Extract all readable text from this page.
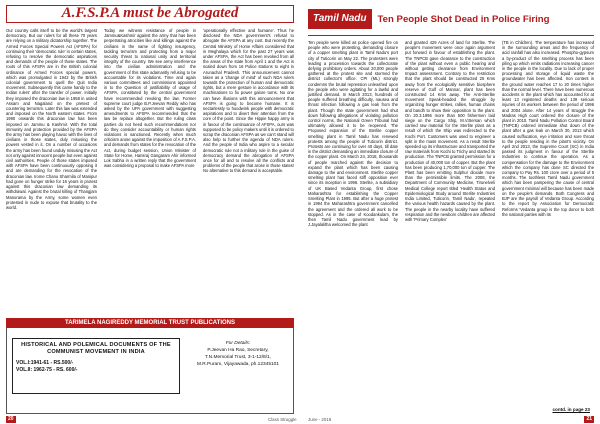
A.F.S.P.A must be Abrogated

Our country calls itself to be the world's largest democracy. But our rulers for all these 70 years are relying on a military dictatorship together. The Armed Forces Special Powers Act (AFSPA) for continuing their 'democratic rule' in certain states, refusing to resolve the democratic aspirations and demands of the people of those states. The roots of this AFSPA are in the British colonial ordinance of Armed Forces special powers, which was promulgated in 1942 by the British colonial government to quell the Quit India movement. Subsequently this came handy to the Indian rulers' after the transfer of power. Initially they imposed the draconian law in 1958 in united Assam and Nagaland on the pretext of countering terrorism. Later this law was extended and imposed on the North eastern states. From 1990 onwards this draconian law has been imposed on Jammu & Kashmir. With the total immunity and protection provided by the AFSPA the army has been playing havoc with the lives of civilians in those states, duly misusing the powers vested in it. On a number of occasions the army has been found unduly misusing the Act not only against innocent people but even against civil authorities. People of those states imposed with AFSPA have been continuously opposing it and are demanding for the revocation of the draconian law. Irome Chanu Sharmila of Manipur had gone on hunger strike for 16 years in protest against this draconian law demanding its withdrawal. Against the brutal killing of Thangjam Manorama by the Army, some women even protested in nude to expose that brutality to the world.

Today we witness resistance of people in Jammu&Kashmir against the army that has been perpetrating atrocities like and killings against the civilians in the name of fighting insurgency, tackling terrorism and protecting from a major security threat to national unity and territorial integrity of the country. We see army interference into the civilian administration and the government of this state adamantly refusing to be accountable for its violations. Time and again various committees and commissions appointed in to the Question of justifiability of usage of AFSPA, constituted by the central government have recommended revoking the law. Former supreme court judge B.P.Jeevan Reddy who has asked by the UPA government with suggesting amendments to AFSPA recommended that the law be replace altogether. But the ruling class parties do not heed such recommendations nor do they consider accountability or human rights violations is sanctioned. Recently when much criticism arose against the imposition of A.F.S.P.A. and demands from states for the revocation of the Act, during budget session, Union Minister of State for Home, Hansraj Gangaram Ahir informed Lok Sabha in a written reply that the government was considering a proposal to make AFSPA more

'operationally effective and humane'. Thus he disclosed the NDA government's refusal to abrogate the AFSPA at any cost. But recently the Central Ministry of Home Affairs considered that in Meghalaya which for the past 27 years was under AFSPA, the Act has been revoked from all the areas of the state from April 1 and the Act is scaled down from 16 Police stations to eight in Arunachal Pradesh. This announcement cannot taken as a 'change of mind' of such NDA rulers towards the protection of human and democratic rights, but a mere gesture in accordance with its machinations to fix power galore turns. No one can have illusions with this announcement that AFSPA is going to become humane. It is nectarlessly to hoodwink people with democratic aspirations and to divert their attention from the core of the point. Since the Hippie happy army is in favour of the continuance of AFSPA, ours was supposed to be policy makers until it is ordered to scrap the draconian AFSPA as we can't stand will also help to further the agenda of NDA rulers. And the people of India who aspire to a secular democratic rule not a military rule in the guise of democracy demand the abrogation of AFSPA once for all and to resolve all the conflicts and problems of the people that arose in those states! No alternative to this demand is acceptable.

TARIMELA NAGIREDDY MEMORIAL TRUST PUBLICATIONS
HISTORICAL AND POLEMICAL DOCUMENTS OF THE COMMUNIST MOVEMENT IN INDIA
VOL.I:1941-61 - RS.500/-
VOL.II: 1962-75 - RS. 600/-
For Details:
P.Jeevan Ha Rao, Secretary,
T.N.Memorial Trust, 3-1-12/8/1,
M.R.Puram, Vijayawada, ph.12345101
Tamil Nadu	Ten People Shot Dead in Police Firing

Ten people were killed as police opened fire on people who were protesting, demanding closure of a copper smelting plant in Tamil Nadu's port city of Tuticorin on May 22. The protesters were leading a procession towards the collectorate defying prohibitory orders. About 20,000 people gathered at the protest site and stormed the district collector's office. CPI (ML) strongly condemns the brutal repression unleashed upon the people who were agitating for a lawful and justified demand. In March 2013, hundreds of people suffered breathing difficulty, nausea and throat infection following a gas leak from the plant. Though the state government had shut down following allegations of violating pollution control norms, the National Green Tribunal had ultimately allowed it to be reopened. The Proposed expansion of the Sterlite copper smelting plant in Tamil Nadu has renewed protests among the people of Tuticorin district. Protests are continuing for over 40 days, till date in the district demanding an immediate closure of the copper plant. On March 24, 2018, thousands of people marched against the decision to expand the plant which has been causing damage to the and environment. Sterlite copper smelting plant has faced stiff opposition ever since its inception in 1996. Sterlite, a subsidiary of UK Based Vedanta Group, first chose Maharashtra for establishing the Copper Smelting Plant in 1995. But after a huge protest in 1994 the Maharashtra government cancelled the agreement and the ordered all work to be stopped. As in the case of Koodankulam, the then Tamil Nadu government lead by J.Jayalalitha welcomed the plant

and granted 429 Acres of land for Sterlite. The people's movement were once again argument put forward in favour of establishing the plant. The TNPCB gave clearance to the construction of the plant without even a public hearing and without getting clearance from Environment Impact assessment. Contrary to the restriction that the plant should be constructed 25 Kms away from the ecologically sensitive biosphere reserve of Gulf of Mannar, plant has been constructed 14 Kms away. The Anti-Sterlite movement Speak-headed the struggle by organizing hunger strikes, rallies, human chains and bandh to show their opposition to the plant. On 20.3.1996 more than 500 fishermen laid siege on the Cargo Ship, M.V.Bersan which carried raw material for the Sterlite plant as a result of which the Ship was redirected to the Kochi Port. Customers was used to engineer a split in the mass movement. As a result Sterlite speeded up its infrastructure and transported the raw materials from Kochi to Trichy and started its production. The TNPCB granted permission for a production of 40,000 ton of copper. But the plant has been producing 1,70,000 ton of copper. The Plant has been emitting Sulphur dioxide more than the permissible limits. The 2008, the Department of Community Medicine, Tirunelveli Medical College report titled 'Health Status and Epidemiological Study around Sterlite Industries India Limited, Tuticorin, Tamil Nadu', repeated the various health hazards caused by the plant. The people in the nearby locality have suffered respiration and the newborn children are affected with 'Primary Complex'

(TB in Children). The temperature has increased in the surrounding areas and the frequency of acid rainfall has also increased. Phospho-gypsum a by-product of the smelting process has been piling up which emits radiations increasing cancer in the people in the locality. Due to lack of proper processing and storage of liquid waste the groundwater has been affected. Iron content in the ground water reaches 17 to 20 times higher than the normal level. There have been numerous accidents in the plant which has accounted for at least 13 registered deaths and 139 serious injuries of its workers between the period of 1996 and 2004 alone. After 14 years of struggle the Madras High court ordered the closure of the plant in 2010. Tamil Nadu Pollution Control Board (TNPCB) ordered immediate shut down of the plant after a gas leak on March 30, 2013 which caused suffocation, eye irritation and sore throat to the people residing in the plant's vicinity. On April 2nd 2013, the Supreme Court (SC) in India passed its judgment in favour of the Sterlite Industries to continue the operation. As a compensation for the damage to the Environment which the company has done SC directed the company to Pay Rs. 100 crore over a period of 5 months. The toothless Tamil Nadu government which has been pampering the cause of central government minimal will because has been made on the people's demands. Both Congress and BJP are the payroll of Vedanta Group. According to the report by Association for Democratic Reforms 'Vedanta group is the top donor to both the national parties with its

contd. in page 23
20	Class Struggle	June - 2018	21
